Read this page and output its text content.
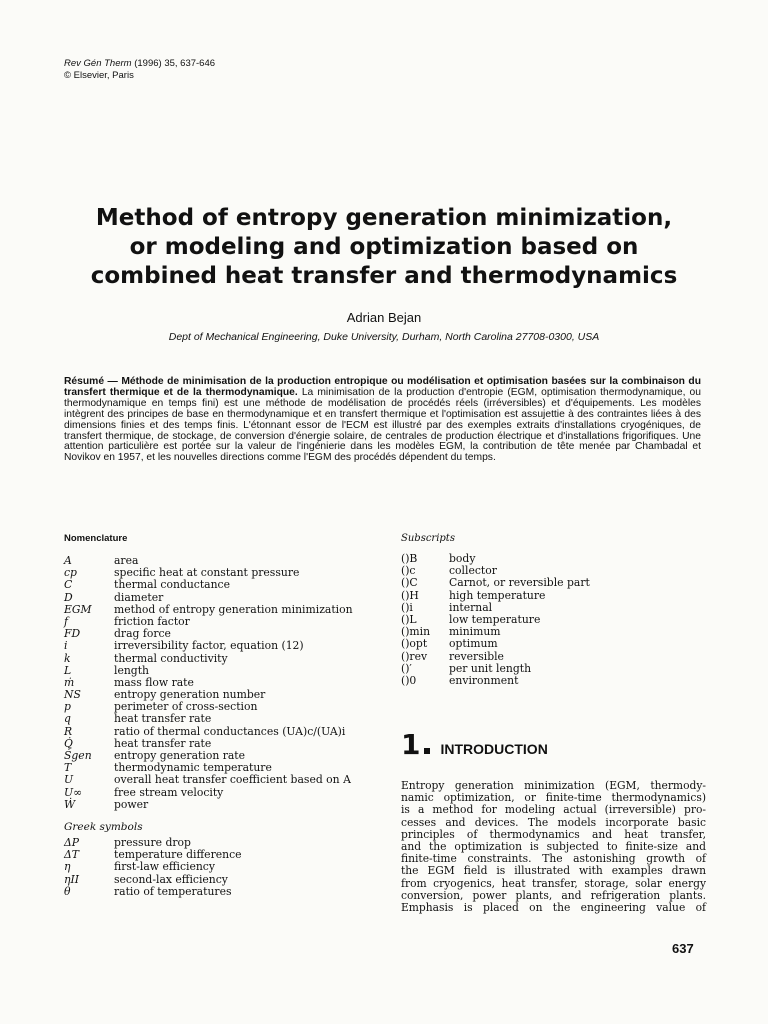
Rev Gén Therm (1996) 35, 637-646
© Elsevier, Paris
Method of entropy generation minimization,
or modeling and optimization based on
combined heat transfer and thermodynamics
Adrian Bejan
Dept of Mechanical Engineering, Duke University, Durham, North Carolina 27708-0300, USA
Résumé — Méthode de minimisation de la production entropique ou modélisation et optimisation basées sur la combinaison du transfert thermique et de la thermodynamique. La minimisation de la production d'entropie (EGM, optimisation thermodynamique, ou thermodynamique en temps fini) est une méthode de modélisation de procédés réels (irréversibles) et d'équipements. Les modèles intègrent des principes de base en thermodynamique et en transfert thermique et l'optimisation est assujettie à des contraintes liées à des dimensions finies et des temps finis. L'étonnant essor de l'ECM est illustré par des exemples extraits d'installations cryogéniques, de transfert thermique, de stockage, de conversion d'énergie solaire, de centrales de production électrique et d'installations frigorifiques. Une attention particulière est portée sur la valeur de l'ingénierie dans les modèles EGM, la contribution de tête menée par Chambadal et Novikov en 1957, et les nouvelles directions comme l'EGM des procédés dépendent du temps.
Nomenclature
A	area
cp	specific heat at constant pressure
C	thermal conductance
D	diameter
EGM	method of entropy generation minimization
f	friction factor
FD	drag force
i	irreversibility factor, equation (12)
k	thermal conductivity
L	length
ṁ	mass flow rate
NS	entropy generation number
p	perimeter of cross-section
q	heat transfer rate
R	ratio of thermal conductances (UA)c/(UA)i
Q̇	heat transfer rate
Ṡgen	entropy generation rate
T	thermodynamic temperature
U	overall heat transfer coefficient based on A
U∞	free stream velocity
Ẇ	power
Greek symbols
ΔP	pressure drop
ΔT	temperature difference
η	first-law efficiency
ηII	second-lax efficiency
θ	ratio of temperatures
Subscripts
()B	body
()c	collector
()C	Carnot, or reversible part
()H	high temperature
()i	internal
()L	low temperature
()min	minimum
()opt	optimum
()rev	reversible
()′	per unit length
()0	environment
1 INTRODUCTION
Entropy generation minimization (EGM, thermody-
namic optimization, or finite-time thermodynamics)
is a method for modeling actual (irreversible) pro-
cesses and devices. The models incorporate basic
principles of thermodynamics and heat transfer,
and the optimization is subjected to finite-size and
finite-time constraints. The astonishing growth of
the EGM field is illustrated with examples drawn
from cryogenics, heat transfer, storage, solar energy
conversion, power plants, and refrigeration plants.
Emphasis is placed on the engineering value of
637
